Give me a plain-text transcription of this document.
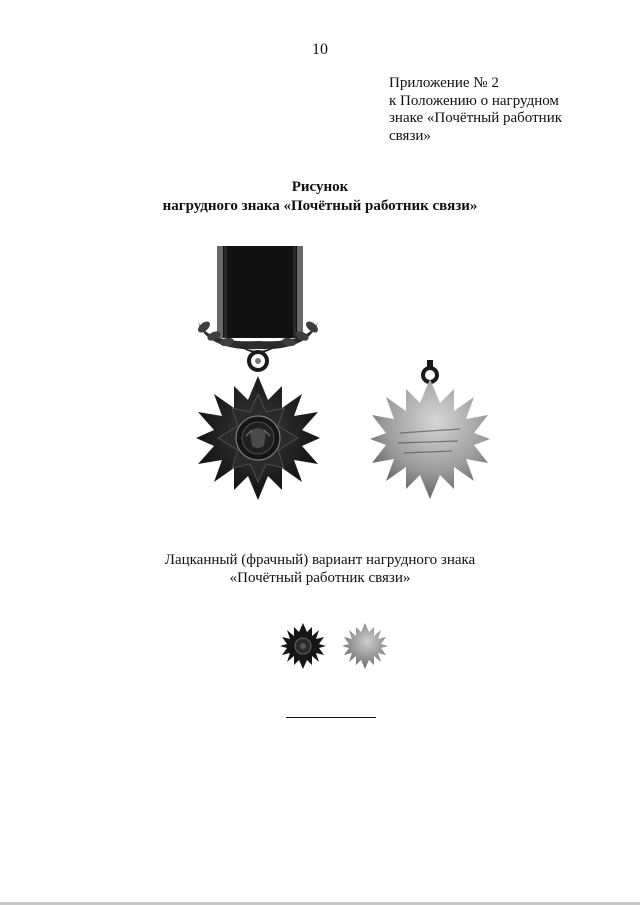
10
Приложение № 2
к Положению о нагрудном
знаке «Почётный работник
связи»
Рисунок
нагрудного знака «Почётный работник связи»
Лацканный (фрачный) вариант нагрудного знака
«Почётный работник связи»
